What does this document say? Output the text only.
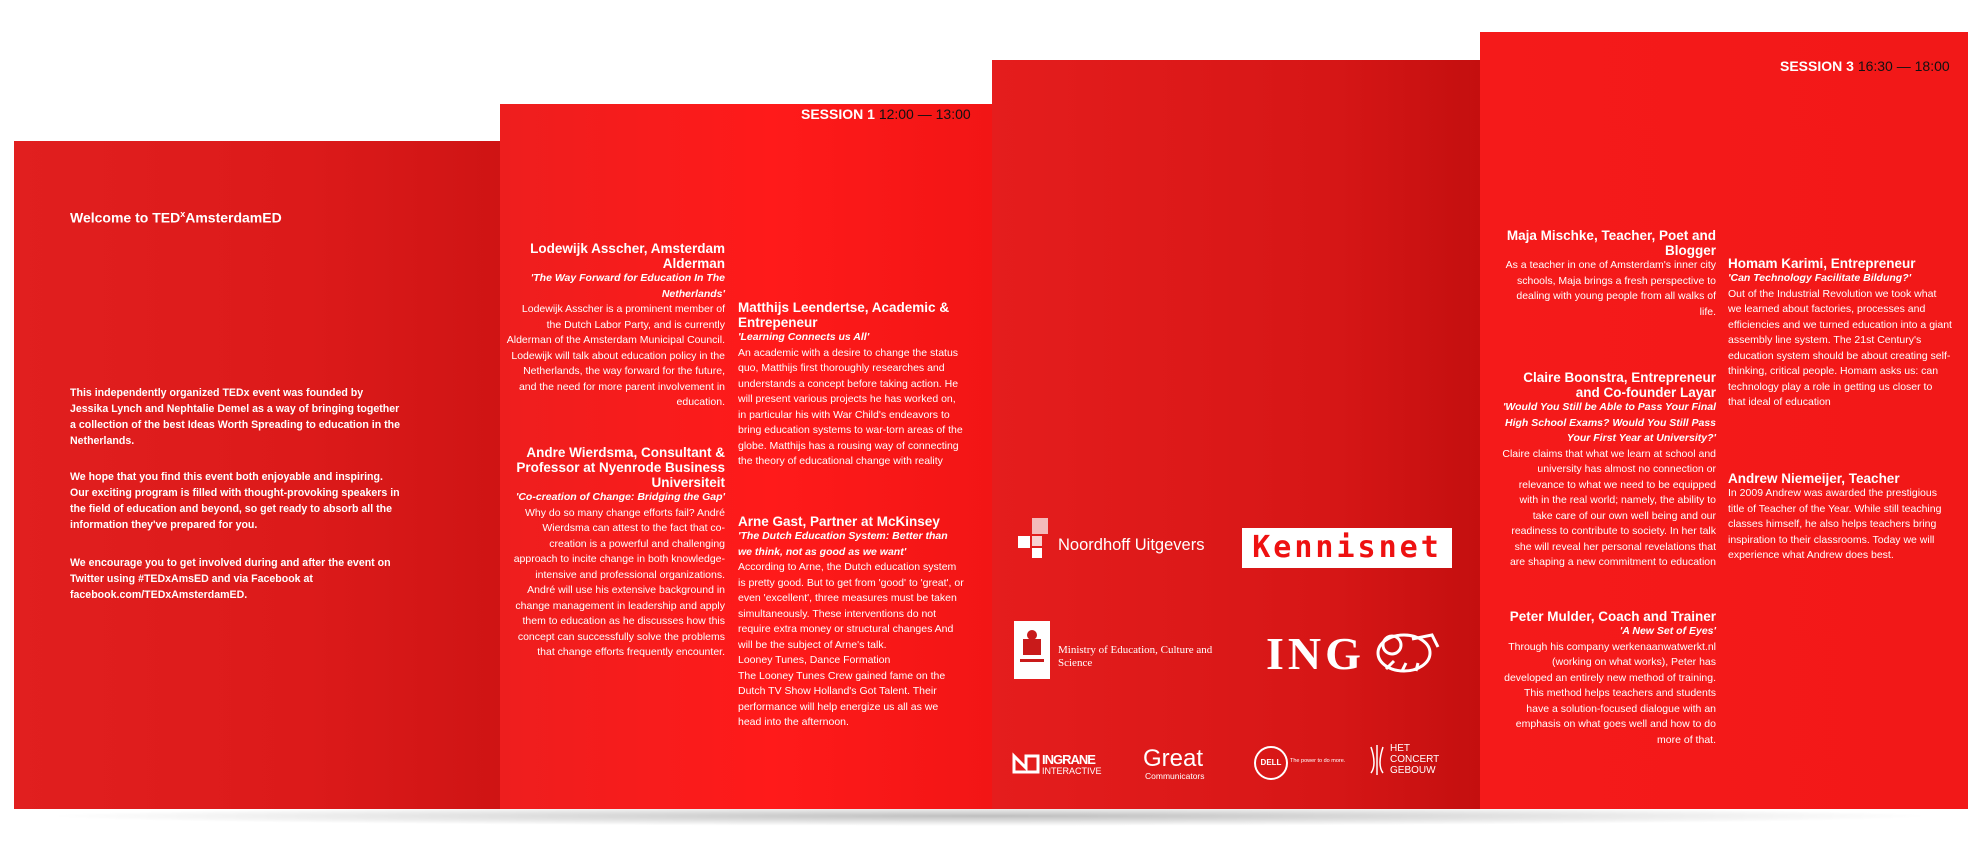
Welcome to TED$^x$AmsterdamED
This independently organized TEDx event was founded by Jessika Lynch and Nephtalie Demel as a way of bringing together a collection of the best Ideas Worth Spreading to education in the Netherlands.
We hope that you find this event both enjoyable and inspiring. Our exciting program is filled with thought-provoking speakers in the field of education and beyond, so get ready to absorb all the information they've prepared for you.
We encourage you to get involved during and after the event on Twitter using #TEDxAmsED and via Facebook at facebook.com/TEDxAmsterdamED.
SESSION 1 12:00 — 13:00
Lodewijk Asscher, Amsterdam Alderman
'The Way Forward for Education In The Netherlands'
Lodewijk Asscher is a prominent member of the Dutch Labor Party, and is currently Alderman of the Amsterdam Municipal Council. Lodewijk will talk about education policy in the Netherlands, the way forward for the future, and the need for more parent involvement in education.
Andre Wierdsma, Consultant & Professor at Nyenrode Business Universiteit
'Co-creation of Change: Bridging the Gap'
Why do so many change efforts fail? André Wierdsma can attest to the fact that co-creation is a powerful and challenging approach to incite change in both knowledge-intensive and professional organizations. André will use his extensive background in change management in leadership and apply them to education as he discusses how this concept can successfully solve the problems that change efforts frequently encounter.
Matthijs Leendertse, Academic & Entrepeneur
'Learning Connects us All'
An academic with a desire to change the status quo, Matthijs first thoroughly researches and understands a concept before taking action. He will present various projects he has worked on, in particular his with War Child's endeavors to bring education systems to war-torn areas of the globe. Matthijs has a rousing way of connecting the theory of educational change with reality
Arne Gast, Partner at McKinsey
'The Dutch Education System: Better than we think, not as good as we want'
According to Arne, the Dutch education system is pretty good. But to get from 'good' to 'great', or even 'excellent', three measures must be taken simultaneously. These interventions do not require extra money or structural changes And will be the subject of Arne's talk.
Looney Tunes, Dance Formation
The Looney Tunes Crew gained fame on the Dutch TV Show Holland's Got Talent. Their performance will help energize us all as we head into the afternoon.
Noordhoff Uitgevers	Kennisnet
Ministry of Education, Culture and Science	ING
INGRANE
INTERACTIVE Great
Communicators
DELL	The power to do more.
HET
CONCERT
GEBOUW
SESSION 3 16:30 — 18:00
Maja Mischke, Teacher, Poet and Blogger
As a teacher in one of Amsterdam's inner city schools, Maja brings a fresh perspective to dealing with young people from all walks of life.
Claire Boonstra, Entrepreneur and Co-founder Layar
'Would You Still be Able to Pass Your Final High School Exams? Would You Still Pass Your First Year at University?'
Claire claims that what we learn at school and university has almost no connection or relevance to what we need to be equipped with in the real world; namely, the ability to take care of our own well being and our readiness to contribute to society. In her talk she will reveal her personal revelations that are shaping a new commitment to education
Peter Mulder, Coach and Trainer
'A New Set of Eyes'
Through his company werkenaanwatwerkt.nl (working on what works), Peter has developed an entirely new method of training. This method helps teachers and students have a solution-focused dialogue with an emphasis on what goes well and how to do more of that.
Homam Karimi, Entrepreneur
'Can Technology Facilitate Bildung?'
Out of the Industrial Revolution we took what we learned about factories, processes and efficiencies and we turned education into a giant assembly line system. The 21st Century's education system should be about creating self-thinking, critical people. Homam asks us: can technology play a role in getting us closer to that ideal of education
Andrew Niemeijer, Teacher
In 2009 Andrew was awarded the prestigious title of Teacher of the Year. While still teaching classes himself, he also helps teachers bring inspiration to their classrooms. Today we will experience what Andrew does best.
